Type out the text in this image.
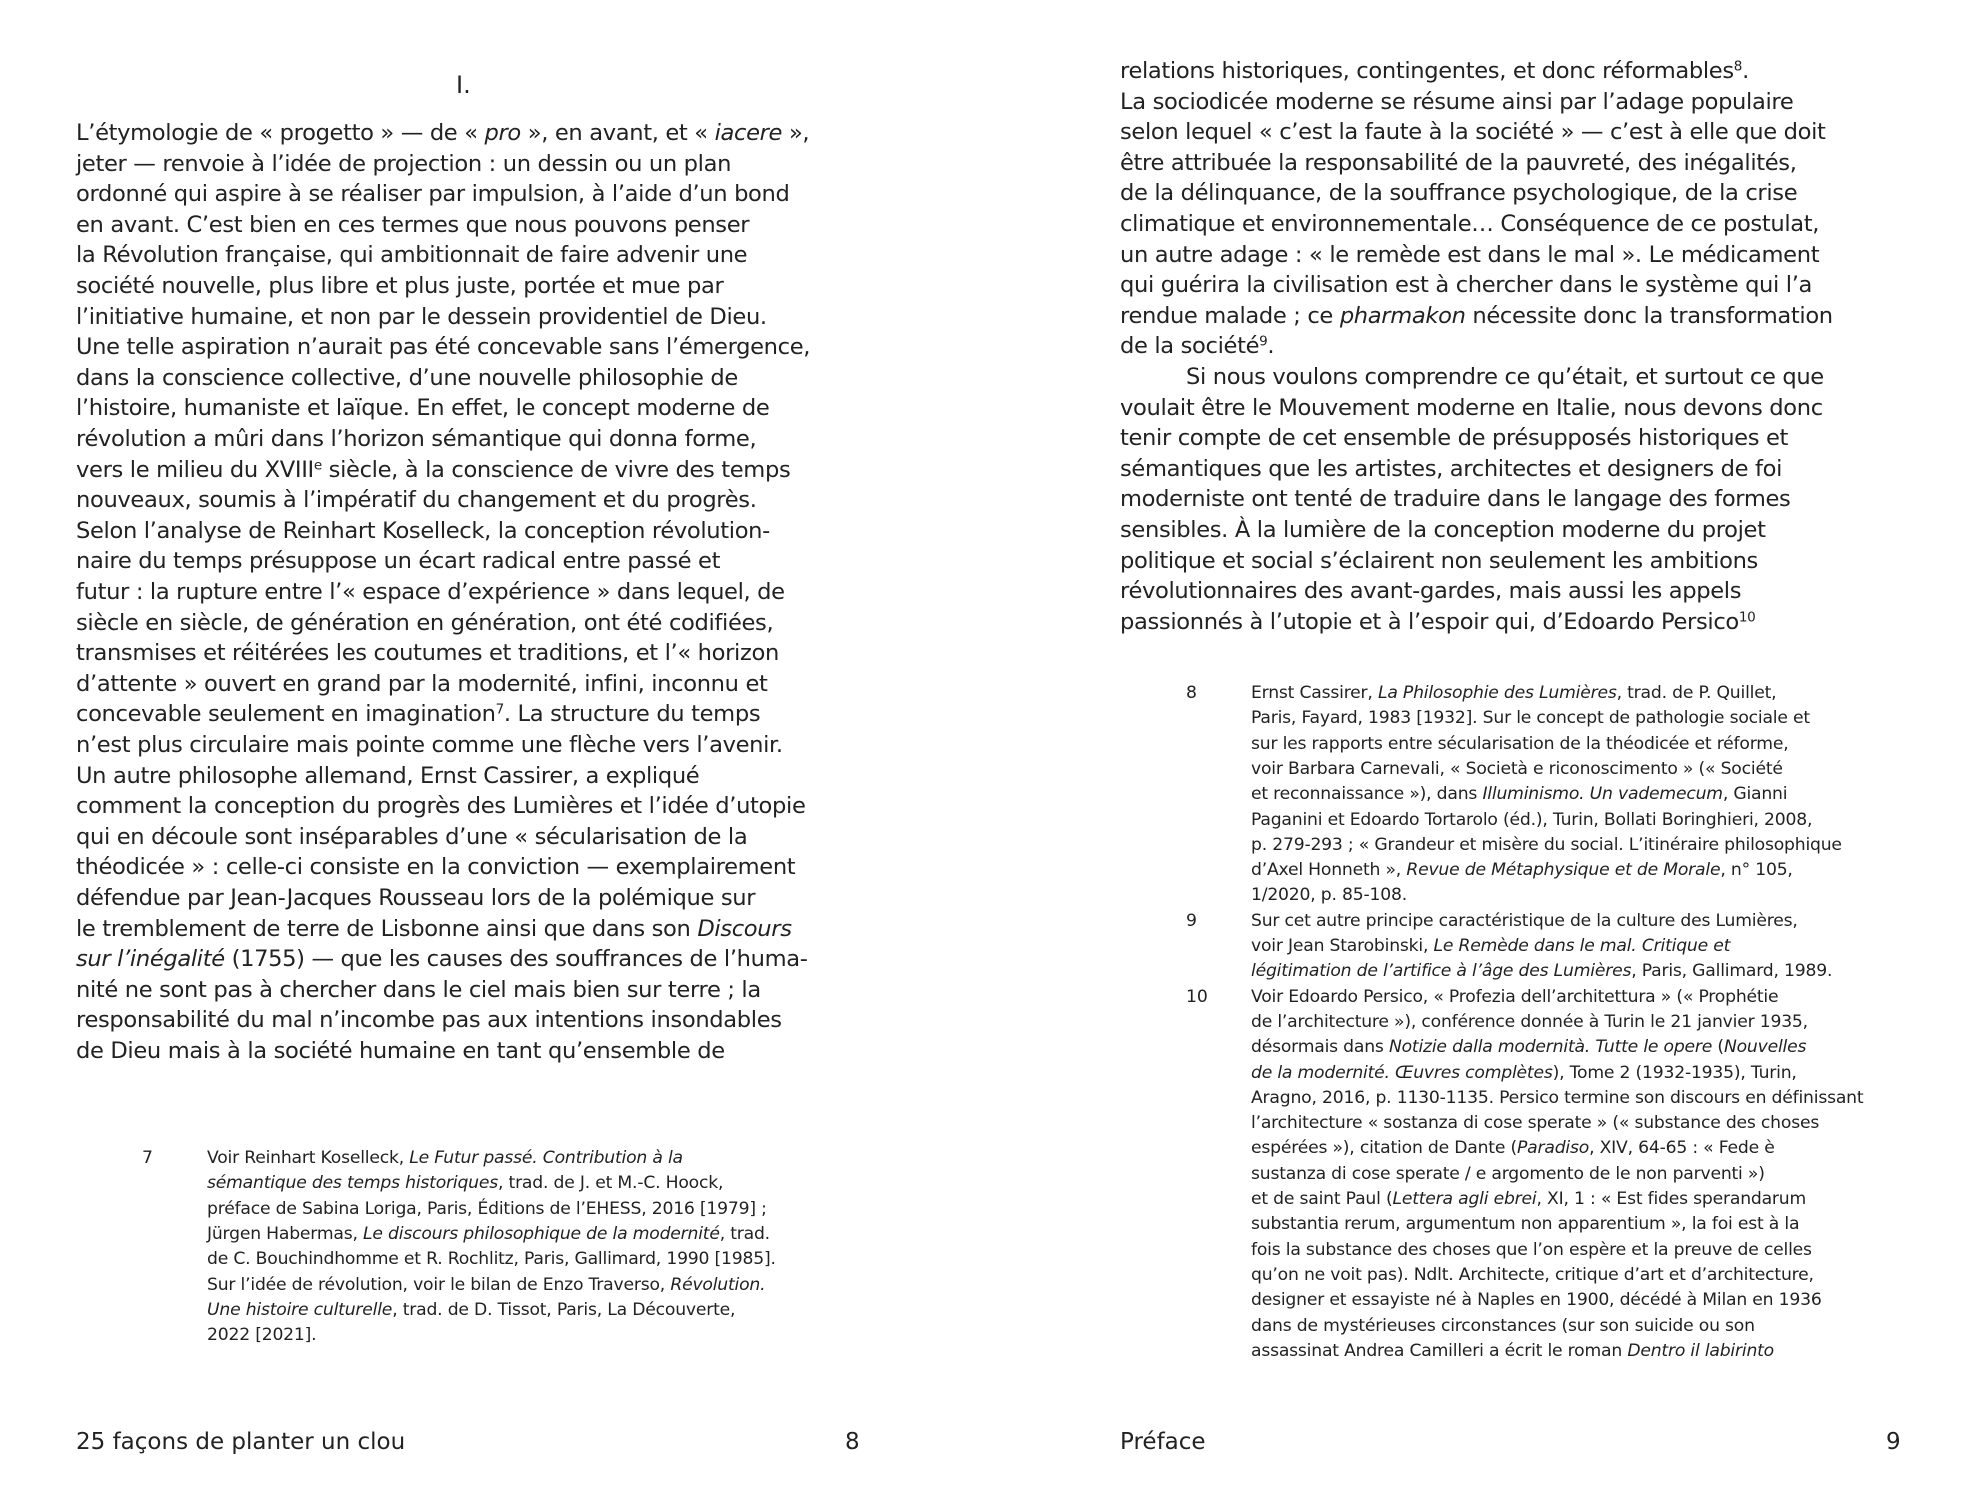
I.
L’étymologie de « progetto » — de « pro », en avant, et « iacere »,
jeter — renvoie à l’idée de projection : un dessin ou un plan
ordonné qui aspire à se réaliser par impulsion, à l’aide d’un bond
en avant. C’est bien en ces termes que nous pouvons penser
la Révolution française, qui ambitionnait de faire advenir une
société nouvelle, plus libre et plus juste, portée et mue par
l’initiative humaine, et non par le dessein providentiel de Dieu.
Une telle aspiration n’aurait pas été concevable sans l’émergence,
dans la conscience collective, d’une nouvelle philosophie de
l’histoire, humaniste et laïque. En effet, le concept moderne de
révolution a mûri dans l’horizon sémantique qui donna forme,
vers le milieu du XVIIIe siècle, à la conscience de vivre des temps
nouveaux, soumis à l’impératif du changement et du progrès.
Selon l’analyse de Reinhart Koselleck, la conception révolution-
naire du temps présuppose un écart radical entre passé et
futur : la rupture entre l’« espace d’expérience » dans lequel, de
siècle en siècle, de génération en génération, ont été codifiées,
transmises et réitérées les coutumes et traditions, et l’« horizon
d’attente » ouvert en grand par la modernité, infini, inconnu et
concevable seulement en imagination$^7$. La structure du temps
n’est plus circulaire mais pointe comme une flèche vers l’avenir.
Un autre philosophe allemand, Ernst Cassirer, a expliqué
comment la conception du progrès des Lumières et l’idée d’utopie
qui en découle sont inséparables d’une « sécularisation de la
théodicée » : celle-ci consiste en la conviction — exemplairement
défendue par Jean-Jacques Rousseau lors de la polémique sur
le tremblement de terre de Lisbonne ainsi que dans son Discours
sur l’inégalité (1755) — que les causes des souffrances de l’huma-
nité ne sont pas à chercher dans le ciel mais bien sur terre ; la
responsabilité du mal n’incombe pas aux intentions insondables
de Dieu mais à la société humaine en tant qu’ensemble de
25 façons de planter un clou	8
7	Voir Reinhart Koselleck, Le Futur passé. Contribution à la
sémantique des temps historiques, trad. de J. et M.-C. Hoock,
préface de Sabina Loriga, Paris, Éditions de l’EHESS, 2016 [1979] ;
Jürgen Habermas, Le discours philosophique de la modernité, trad.
de C. Bouchindhomme et R. Rochlitz, Paris, Gallimard, 1990 [1985].
Sur l’idée de révolution, voir le bilan de Enzo Traverso, Révolution.
Une histoire culturelle, trad. de D. Tissot, Paris, La Découverte,
2022 [2021].
relations historiques, contingentes, et donc réformables$^8$.
La sociodicée moderne se résume ainsi par l’adage populaire
selon lequel « c’est la faute à la société » — c’est à elle que doit
être attribuée la responsabilité de la pauvreté, des inégalités,
de la délinquance, de la souffrance psychologique, de la crise
climatique et environnementale… Conséquence de ce postulat,
un autre adage : « le remède est dans le mal ». Le médicament
qui guérira la civilisation est à chercher dans le système qui l’a
rendue malade ; ce pharmakon nécessite donc la transformation
de la société$^9$.
Si nous voulons comprendre ce qu’était, et surtout ce que
voulait être le Mouvement moderne en Italie, nous devons donc
tenir compte de cet ensemble de présupposés historiques et
sémantiques que les artistes, architectes et designers de foi
moderniste ont tenté de traduire dans le langage des formes
sensibles. À la lumière de la conception moderne du projet
politique et social s’éclairent non seulement les ambitions
révolutionnaires des avant-gardes, mais aussi les appels
passionnés à l’utopie et à l’espoir qui, d’Edoardo Persico$^{10}$
Préface	9
8	Ernst Cassirer, La Philosophie des Lumières, trad. de P. Quillet,
Paris, Fayard, 1983 [1932]. Sur le concept de pathologie sociale et
sur les rapports entre sécularisation de la théodicée et réforme,
voir Barbara Carnevali, « Società e riconoscimento » (« Société
et reconnaissance »), dans Illuminismo. Un vademecum, Gianni
Paganini et Edoardo Tortarolo (éd.), Turin, Bollati Boringhieri, 2008,
p. 279-293 ; « Grandeur et misère du social. L’itinéraire philosophique
d’Axel Honneth », Revue de Métaphysique et de Morale, n° 105,
1/2020, p. 85-108.
9	Sur cet autre principe caractéristique de la culture des Lumières,
voir Jean Starobinski, Le Remède dans le mal. Critique et
légitimation de l’artifice à l’âge des Lumières, Paris, Gallimard, 1989.
10	Voir Edoardo Persico, « Profezia dell’architettura » (« Prophétie
de l’architecture »), conférence donnée à Turin le 21 janvier 1935,
désormais dans Notizie dalla modernità. Tutte le opere (Nouvelles
de la modernité. Œuvres complètes), Tome 2 (1932-1935), Turin,
Aragno, 2016, p. 1130-1135. Persico termine son discours en définissant
l’architecture « sostanza di cose sperate » (« substance des choses
espérées »), citation de Dante (Paradiso, XIV, 64-65 : « Fede è
sustanza di cose sperate / e argomento de le non parventi »)
et de saint Paul (Lettera agli ebrei, XI, 1 : « Est fides sperandarum
substantia rerum, argumentum non apparentium », la foi est à la
fois la substance des choses que l’on espère et la preuve de celles
qu’on ne voit pas). Ndlt. Architecte, critique d’art et d’architecture,
designer et essayiste né à Naples en 1900, décédé à Milan en 1936
dans de mystérieuses circonstances (sur son suicide ou son
assassinat Andrea Camilleri a écrit le roman Dentro il labirinto
